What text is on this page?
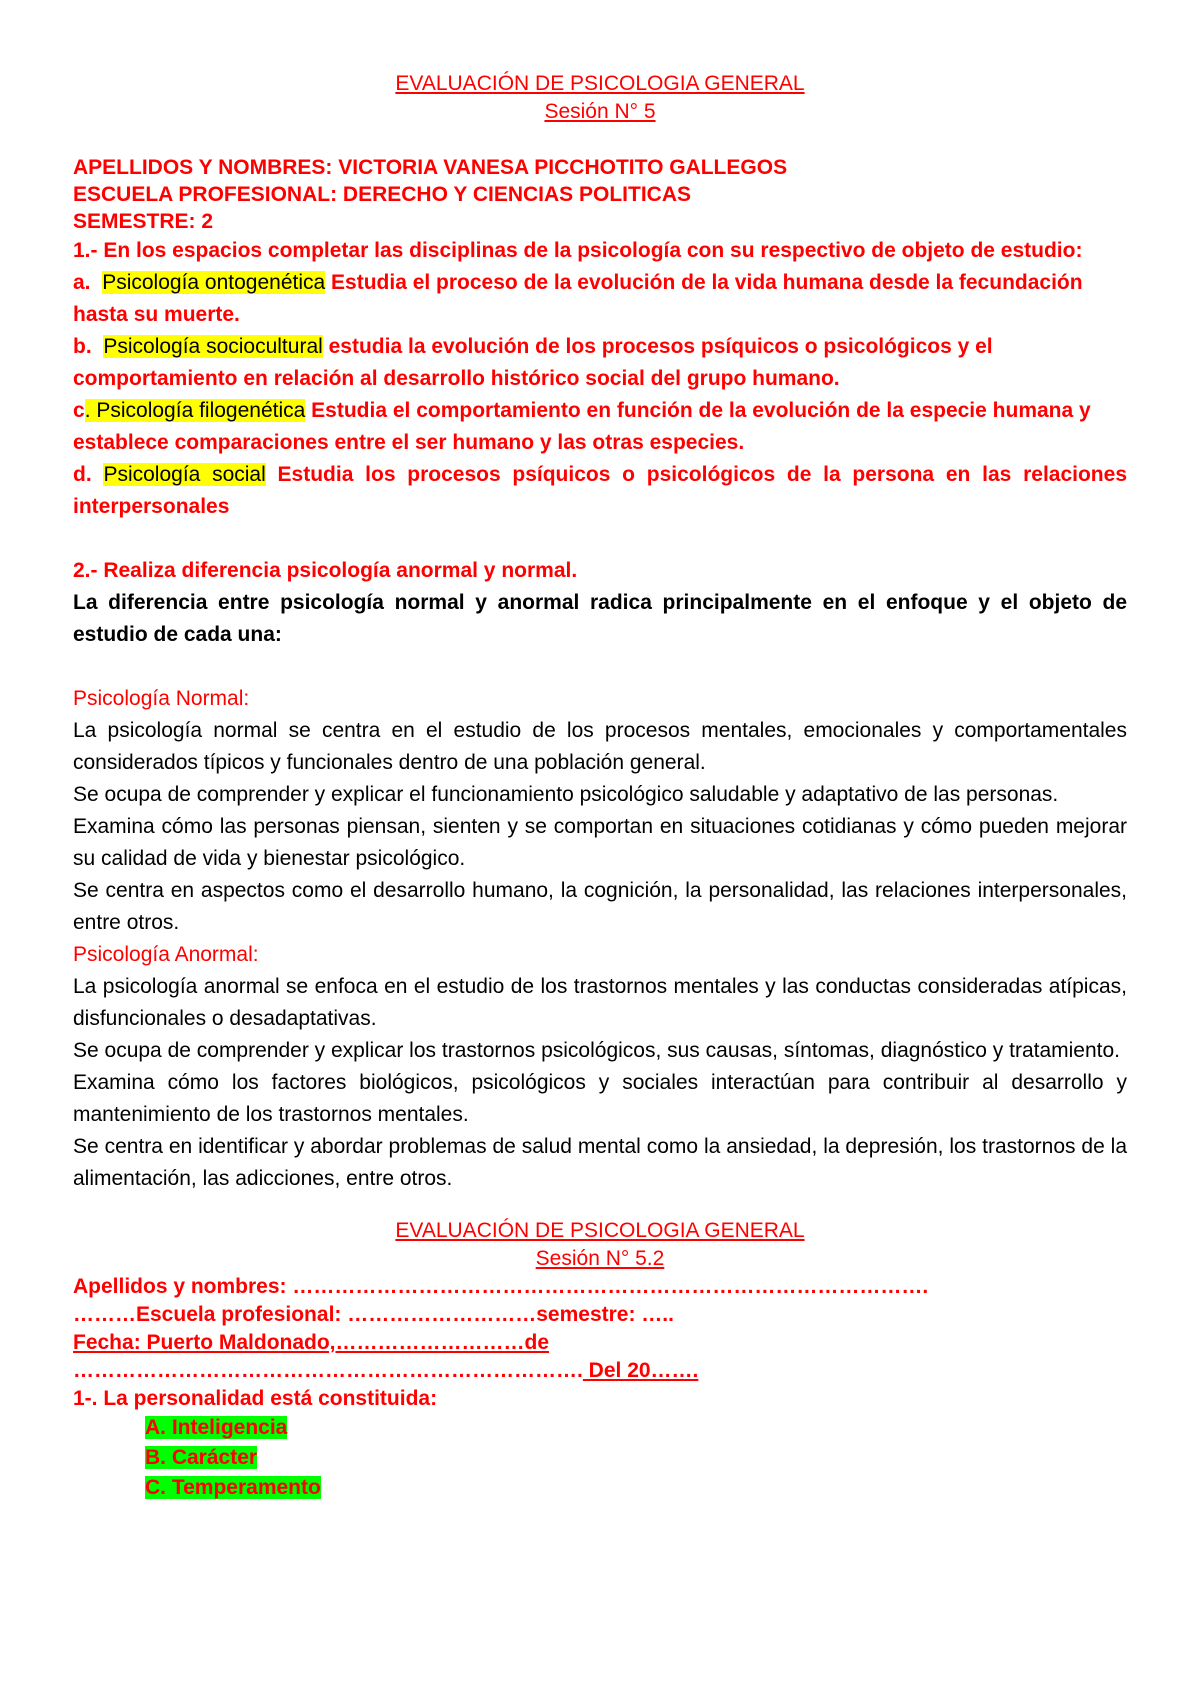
EVALUACIÓN DE PSICOLOGIA GENERAL
Sesión N° 5
APELLIDOS Y NOMBRES: VICTORIA VANESA PICCHOTITO GALLEGOS
ESCUELA PROFESIONAL: DERECHO Y CIENCIAS POLITICAS
SEMESTRE: 2

1.- En los espacios completar las disciplinas de la psicología con su respectivo de objeto de estudio:

a.  Psicología ontogenética Estudia el proceso de la evolución de la vida humana desde la fecundación hasta su muerte.

b.  Psicología sociocultural estudia la evolución de los procesos psíquicos o psicológicos y el comportamiento en relación al desarrollo histórico social del grupo humano.

c. Psicología filogenética Estudia el comportamiento en función de la evolución de la especie humana y establece comparaciones entre el ser humano y las otras especies.

d. Psicología social Estudia los procesos psíquicos o psicológicos de la persona en las relaciones interpersonales

2.- Realiza diferencia psicología anormal y normal.

La diferencia entre psicología normal y anormal radica principalmente en el enfoque y el objeto de estudio de cada una:

Psicología Normal:

La psicología normal se centra en el estudio de los procesos mentales, emocionales y comportamentales considerados típicos y funcionales dentro de una población general.

Se ocupa de comprender y explicar el funcionamiento psicológico saludable y adaptativo de las personas.

Examina cómo las personas piensan, sienten y se comportan en situaciones cotidianas y cómo pueden mejorar su calidad de vida y bienestar psicológico.

Se centra en aspectos como el desarrollo humano, la cognición, la personalidad, las relaciones interpersonales, entre otros.

Psicología Anormal:

La psicología anormal se enfoca en el estudio de los trastornos mentales y las conductas consideradas atípicas, disfuncionales o desadaptativas.

Se ocupa de comprender y explicar los trastornos psicológicos, sus causas, síntomas, diagnóstico y tratamiento.

Examina cómo los factores biológicos, psicológicos y sociales interactúan para contribuir al desarrollo y mantenimiento de los trastornos mentales.

Se centra en identificar y abordar problemas de salud mental como la ansiedad, la depresión, los trastornos de la alimentación, las adicciones, entre otros.

EVALUACIÓN DE PSICOLOGIA GENERAL
Sesión N° 5.2
Apellidos y nombres: ……………………………………………………………………………….
………Escuela profesional: ………………………semestre: …..
Fecha: Puerto Maldonado,………………………de
………………………………………………………………. Del 20…….
1-. La personalidad está constituida:
A. Inteligencia
B. Carácter
C. Temperamento
